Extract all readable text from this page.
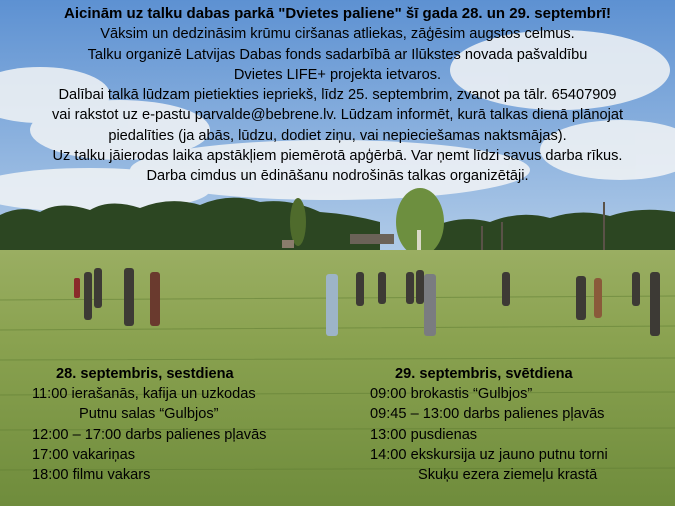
Aicinām uz talku dabas parkā "Dvietes paliene" šī gada 28. un 29. septembrī!
Vāksim un dedzināsim krūmu ciršanas atliekas, zāģēsim augstos celmus.
Talku organizē Latvijas Dabas fonds sadarbībā ar Ilūkstes novada pašvaldību
Dvietes LIFE+ projekta ietvaros.
Dalībai talkā lūdzam pietiekties iepriekš, līdz 25. septembrim, zvanot pa tālr. 65407909
vai rakstot uz e-pastu parvalde@bebrene.lv. Lūdzam informēt, kurā talkas dienā plānojat
piedalīties (ja abās, lūdzu, dodiet ziņu, vai nepieciešamas naktsmājas).
Uz talku jāierodas laika apstākļiem piemērotā apģērbā. Var ņemt līdzi savus darba rīkus.
Darba cimdus un ēdināšanu nodrošinās talkas organizētāji.
28. septembris, sestdiena
11:00 ierašanās, kafija un uzkodas
Putnu salas “Gulbjos”
12:00 – 17:00 darbs palienes pļavās
17:00 vakariņas
18:00 filmu vakars
29. septembris, svētdiena
09:00 brokastis “Gulbjos”
09:45 – 13:00 darbs palienes pļavās
13:00 pusdienas
14:00 ekskursija uz jauno putnu torni
Skuķu ezera ziemeļu krastā
